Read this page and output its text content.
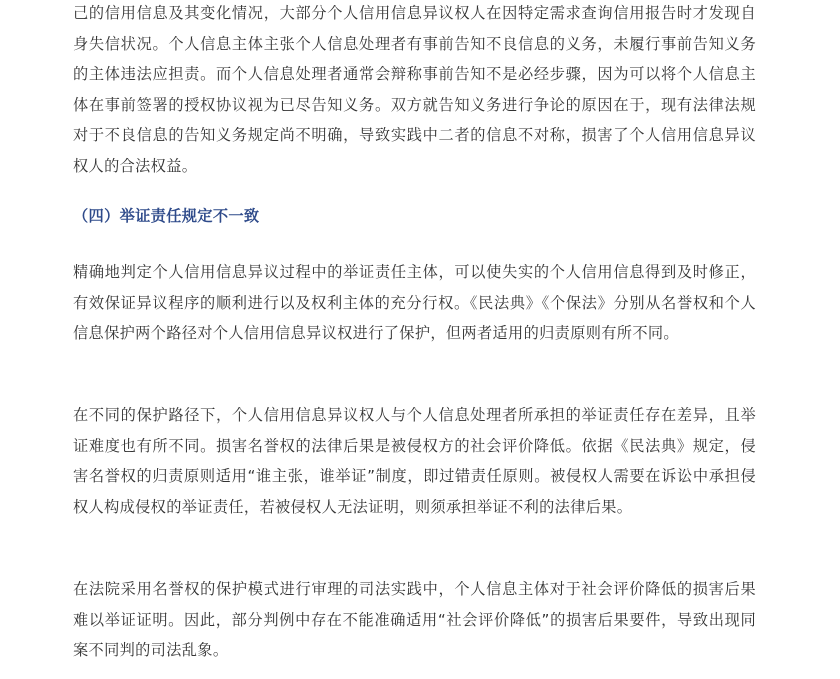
己的信用信息及其变化情况，大部分个人信用信息异议权人在因特定需求查询信用报告时才发现自身失信状况。个人信息主体主张个人信息处理者有事前告知不良信息的义务，未履行事前告知义务的主体违法应担责。而个人信息处理者通常会辩称事前告知不是必经步骤，因为可以将个人信息主体在事前签署的授权协议视为已尽告知义务。双方就告知义务进行争论的原因在于，现有法律法规对于不良信息的告知义务规定尚不明确，导致实践中二者的信息不对称，损害了个人信用信息异议权人的合法权益。

（四）举证责任规定不一致

精确地判定个人信用信息异议过程中的举证责任主体，可以使失实的个人信用信息得到及时修正，有效保证异议程序的顺利进行以及权利主体的充分行权。《民法典》《个保法》分别从名誉权和个人信息保护两个路径对个人信用信息异议权进行了保护，但两者适用的归责原则有所不同。

在不同的保护路径下，个人信用信息异议权人与个人信息处理者所承担的举证责任存在差异，且举证难度也有所不同。损害名誉权的法律后果是被侵权方的社会评价降低。依据《民法典》规定，侵害名誉权的归责原则适用“谁主张，谁举证”制度，即过错责任原则。被侵权人需要在诉讼中承担侵权人构成侵权的举证责任，若被侵权人无法证明，则须承担举证不利的法律后果。

在法院采用名誉权的保护模式进行审理的司法实践中，个人信息主体对于社会评价降低的损害后果难以举证证明。因此，部分判例中存在不能准确适用“社会评价降低”的损害后果要件，导致出现同案不同判的司法乱象。
